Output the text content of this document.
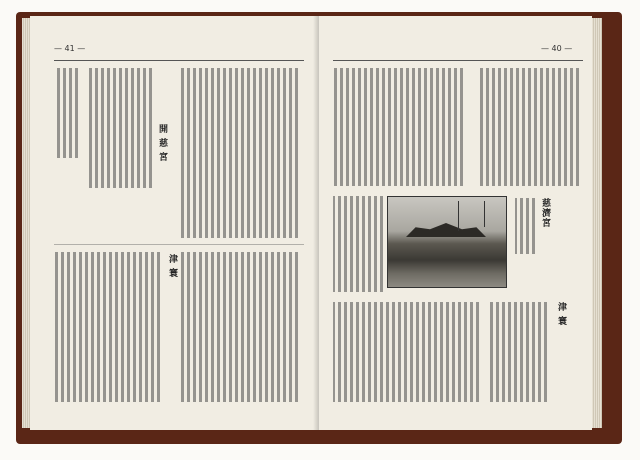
— 41 —
開 慈 宮
津 寰
— 40 —
慈濟宮
津 寰
